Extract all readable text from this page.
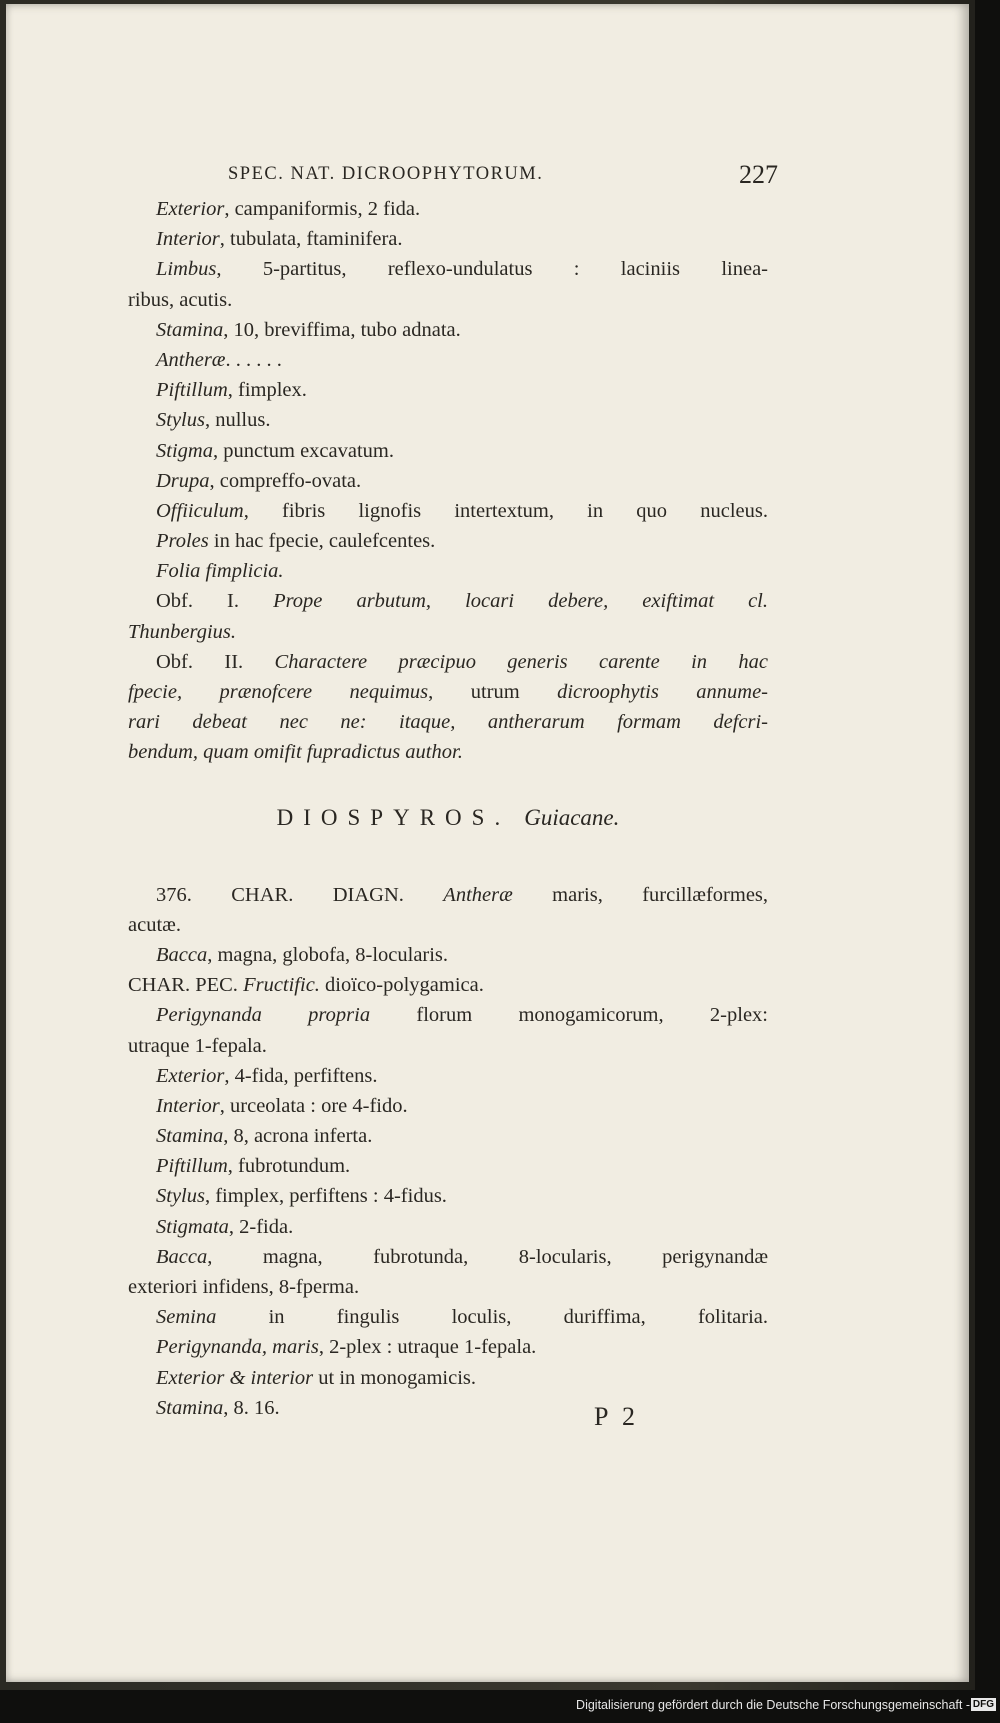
SPEC. NAT. DICROOPHYTORUM.	227
Exterior, campaniformis, 2 fida.
Interior, tubulata, ftaminifera.
Limbus, 5-partitus, reflexo-undulatus : laciniis linea-
ribus, acutis.
Stamina, 10, breviffima, tubo adnata.
Antheræ. . . . . .
Piftillum, fimplex.
Stylus, nullus.
Stigma, punctum excavatum.
Drupa, compreffo-ovata.
Offiiculum, fibris lignofis intertextum, in quo nucleus.
Proles in hac fpecie, caulefcentes.
Folia fimplicia.
Obf. I. Prope arbutum, locari debere, exiftimat cl.
Thunbergius.
Obf. II. Charactere præcipuo generis carente in hac
fpecie, prænofcere nequimus, utrum dicroophytis annume-
rari debeat nec ne: itaque, antherarum formam defcri-
bendum, quam omifit fupradictus author.
DIOSPYROS. Guiacane.
376. CHAR. DIAGN. Antheræ maris, furcillæformes,
acutæ.
Bacca, magna, globofa, 8-locularis.
CHAR. PEC. Fructific. dioïco-polygamica.
Perigynanda propria florum monogamicorum, 2-plex:
utraque 1-fepala.
Exterior, 4-fida, perfiftens.
Interior, urceolata : ore 4-fido.
Stamina, 8, acrona inferta.
Piftillum, fubrotundum.
Stylus, fimplex, perfiftens : 4-fidus.
Stigmata, 2-fida.
Bacca, magna, fubrotunda, 8-locularis, perigynandæ
exteriori infidens, 8-fperma.
Semina in fingulis loculis, duriffima, folitaria.
Perigynanda, maris, 2-plex : utraque 1-fepala.
Exterior & interior ut in monogamicis.
Stamina, 8. 16.	P 2
Digitalisierung gefördert durch die Deutsche Forschungsgemeinschaft - DFG
